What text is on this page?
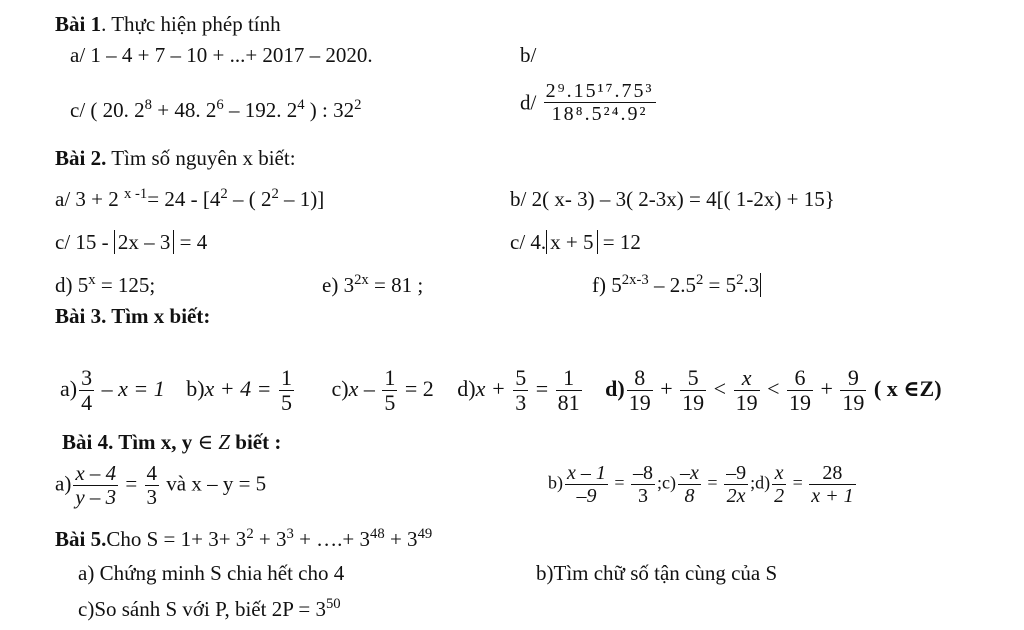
Bài 1. Thực hiện phép tính
a/ 1 – 4 + 7 – 10 + ...+ 2017 – 2020.	b/
c/ ( 20. $2^8 + 48$. $2^6 - 192$. $2^4$ ) : $32^2$	$d/ \frac{\text{2⁹.15¹⁷.75³}}{\text{18⁸.5²⁴.9²}}$
Bài 2. Tìm số nguyên x biết:
a/ 3 + 2 $^{x -1}= 24 - [4^2$ – ( $2^2 - 1$)]	b/ 2( x- 3) – 3( 2-3x) = 4[( 1-2x) + 15}
c/ 15 - 2x – 3 = 4	c/ 4. x + 5 = 12
d) $5^x = 125$;	e) $3^{2x} = 81$ ;	f) $5^{2x-3} - 2.5^2 = 5^2.3$
Bài 3. Tìm x biết:
$a) \frac{3}{4} - x = 1$ $b)x + 4 = \frac{1}{5} c)x - \frac{1}{5} = 2$ $d)x + \frac{5}{3} = \frac{1}{81} d) \frac{8}{19} + \frac{5}{19} < \frac{x}{19} < \frac{6}{19} + \frac{9}{19}$ ( x ∈Z)
Bài 4. Tìm x, y ∈ Z biết :
$a) \frac{x - 4}{y - 3} = \frac{4}{3}$ và x – y = 5	$b) \frac{x - 1}{-9} = \frac{-8}{3}$ ;c) $\frac{-x}{8} = \frac{-9}{2x}$ ;d) $\frac{x}{2} = \frac{28}{x + 1}$
Bài 5.Cho $S = 1+ 3+ 3^2 + 3^3$ + ….+ $3^{48} + 3^{49}$
a) Chứng minh S chia hết cho 4	b)Tìm chữ số tận cùng của S
c)So sánh S với P, biết $2P = 3^{50}$
